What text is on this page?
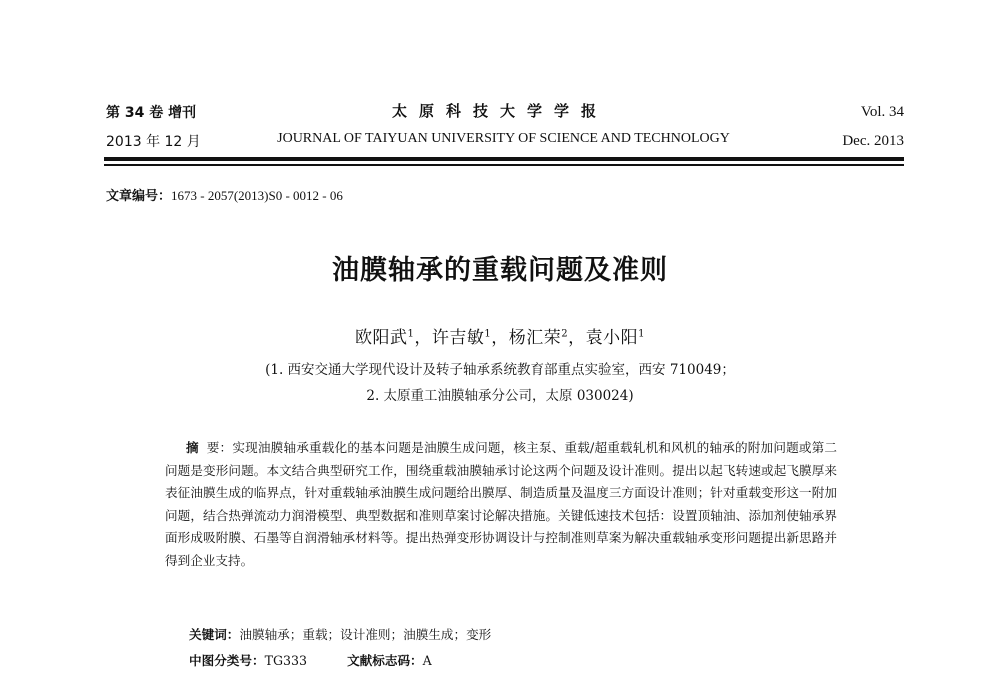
第 34 卷 增刊
2013 年 12 月
太原科技大学学报
JOURNAL OF TAIYUAN UNIVERSITY OF SCIENCE AND TECHNOLOGY
Vol. 34
Dec. 2013
文章编号：1673 - 2057(2013)S0 - 0012 - 06
油膜轴承的重载问题及准则
欧阳武$^1$，许吉敏$^1$，杨汇荣$^2$，袁小阳$^1$
(1. 西安交通大学现代设计及转子轴承系统教育部重点实验室，西安 710049；
2. 太原重工油膜轴承分公司，太原 030024)
摘要：实现油膜轴承重载化的基本问题是油膜生成问题，核主泵、重载/超重载轧机和风机的轴承的附加问题或第二问题是变形问题。本文结合典型研究工作，围绕重载油膜轴承讨论这两个问题及设计准则。提出以起飞转速或起飞膜厚来表征油膜生成的临界点，针对重载轴承油膜生成问题给出膜厚、制造质量及温度三方面设计准则；针对重载变形这一附加问题，结合热弹流动力润滑模型、典型数据和准则草案讨论解决措施。关键低速技术包括：设置顶轴油、添加剂使轴承界面形成吸附膜、石墨等自润滑轴承材料等。提出热弹变形协调设计与控制准则草案为解决重载轴承变形问题提出新思路并得到企业支持。
关键词：油膜轴承；重载；设计准则；油膜生成；变形
中图分类号：TG333	文献标志码：A
